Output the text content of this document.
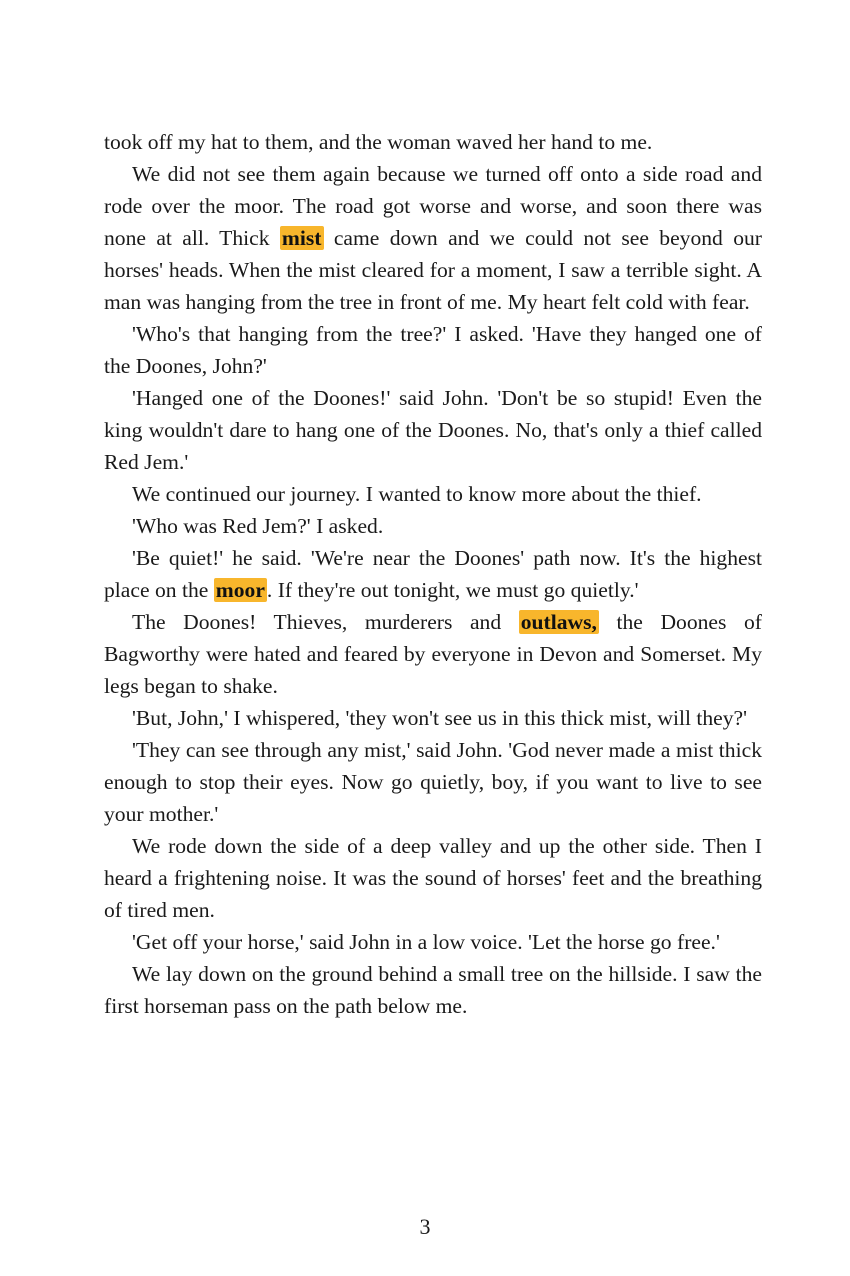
took off my hat to them, and the woman waved her hand to me.

We did not see them again because we turned off onto a side road and rode over the moor. The road got worse and worse, and soon there was none at all. Thick mist came down and we could not see beyond our horses' heads. When the mist cleared for a moment, I saw a terrible sight. A man was hanging from the tree in front of me. My heart felt cold with fear.

'Who's that hanging from the tree?' I asked. 'Have they hanged one of the Doones, John?'

'Hanged one of the Doones!' said John. 'Don't be so stupid! Even the king wouldn't dare to hang one of the Doones. No, that's only a thief called Red Jem.'

We continued our journey. I wanted to know more about the thief.

'Who was Red Jem?' I asked.

'Be quiet!' he said. 'We're near the Doones' path now. It's the highest place on the moor. If they're out tonight, we must go quietly.'

The Doones! Thieves, murderers and outlaws, the Doones of Bagworthy were hated and feared by everyone in Devon and Somerset. My legs began to shake.

'But, John,' I whispered, 'they won't see us in this thick mist, will they?'

'They can see through any mist,' said John. 'God never made a mist thick enough to stop their eyes. Now go quietly, boy, if you want to live to see your mother.'

We rode down the side of a deep valley and up the other side. Then I heard a frightening noise. It was the sound of horses' feet and the breathing of tired men.

'Get off your horse,' said John in a low voice. 'Let the horse go free.'

We lay down on the ground behind a small tree on the hillside. I saw the first horseman pass on the path below me.

3
